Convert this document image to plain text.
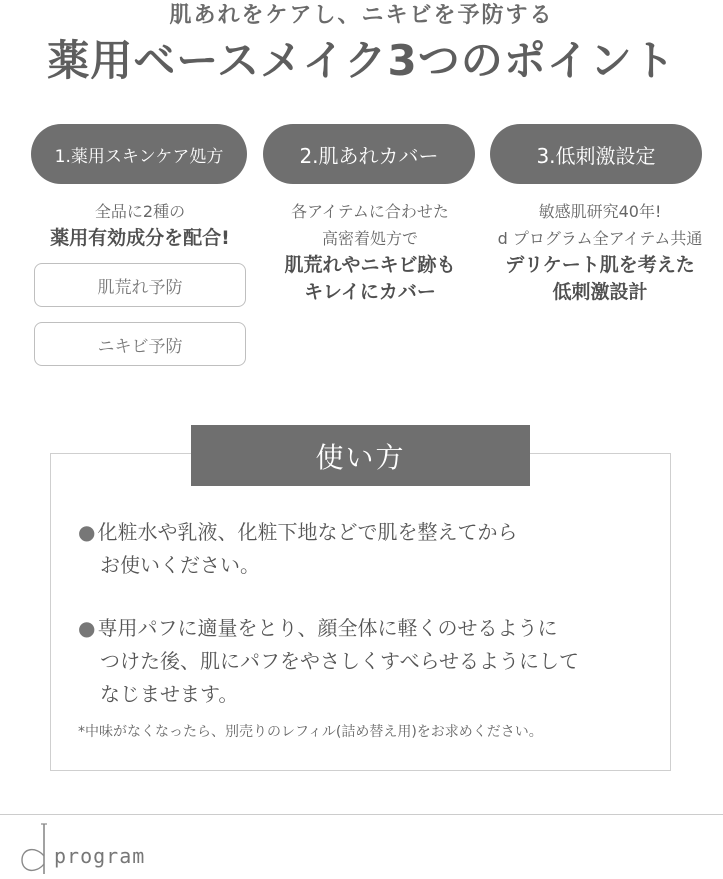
肌あれをケアし、ニキビを予防する
薬用ベースメイク3つのポイント
1.薬用スキンケア処方	2.肌あれカバー	3.低刺激設定
全品に2種の
薬用有効成分を配合!
肌荒れ予防
ニキビ予防
各アイテムに合わせた
高密着処方で
肌荒れやニキビ跡も
キレイにカバー
敏感肌研究40年!
d プログラム全アイテム共通
デリケート肌を考えた
低刺激設計
使い方
● 化粧水や乳液、化粧下地などで肌を整えてから
お使いください。
● 専用パフに適量をとり、顔全体に軽くのせるように
つけた後、肌にパフをやさしくすべらせるようにして
なじませます。
*中味がなくなったら、別売りのレフィル(詰め替え用)をお求めください。
program
